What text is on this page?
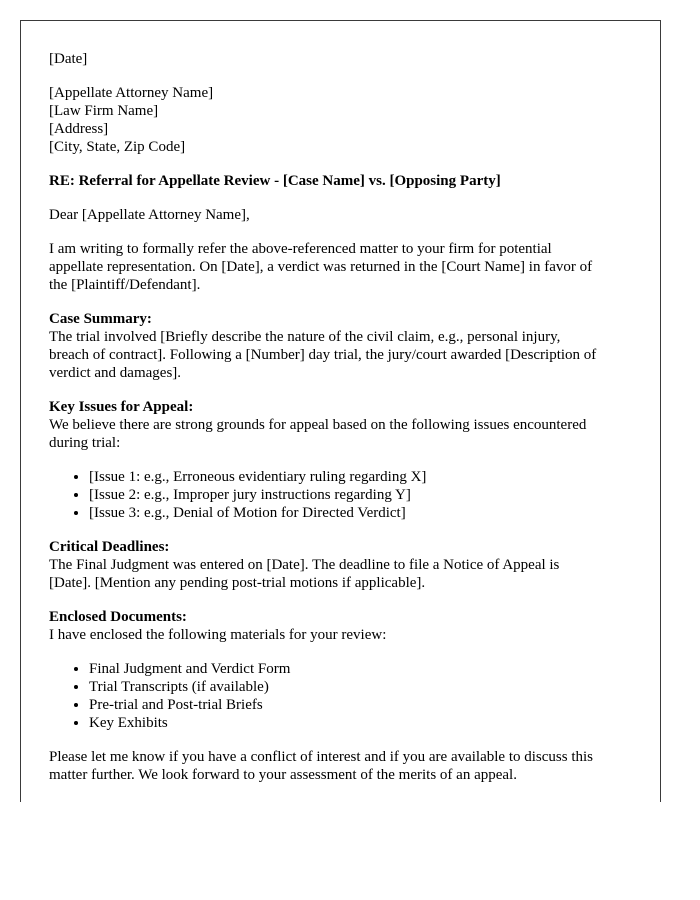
[Date]
[Appellate Attorney Name]
[Law Firm Name]
[Address]
[City, State, Zip Code]
RE: Referral for Appellate Review - [Case Name] vs. [Opposing Party]
Dear [Appellate Attorney Name],
I am writing to formally refer the above-referenced matter to your firm for potential
appellate representation. On [Date], a verdict was returned in the [Court Name] in favor of
the [Plaintiff/Defendant].
Case Summary:
The trial involved [Briefly describe the nature of the civil claim, e.g., personal injury,
breach of contract]. Following a [Number] day trial, the jury/court awarded [Description of
verdict and damages].
Key Issues for Appeal:
We believe there are strong grounds for appeal based on the following issues encountered
during trial:
• [Issue 1: e.g., Erroneous evidentiary ruling regarding X]
• [Issue 2: e.g., Improper jury instructions regarding Y]
• [Issue 3: e.g., Denial of Motion for Directed Verdict]
Critical Deadlines:
The Final Judgment was entered on [Date]. The deadline to file a Notice of Appeal is
[Date]. [Mention any pending post-trial motions if applicable].
Enclosed Documents:
I have enclosed the following materials for your review:
• Final Judgment and Verdict Form
• Trial Transcripts (if available)
• Pre-trial and Post-trial Briefs
• Key Exhibits
Please let me know if you have a conflict of interest and if you are available to discuss this
matter further. We look forward to your assessment of the merits of an appeal.
